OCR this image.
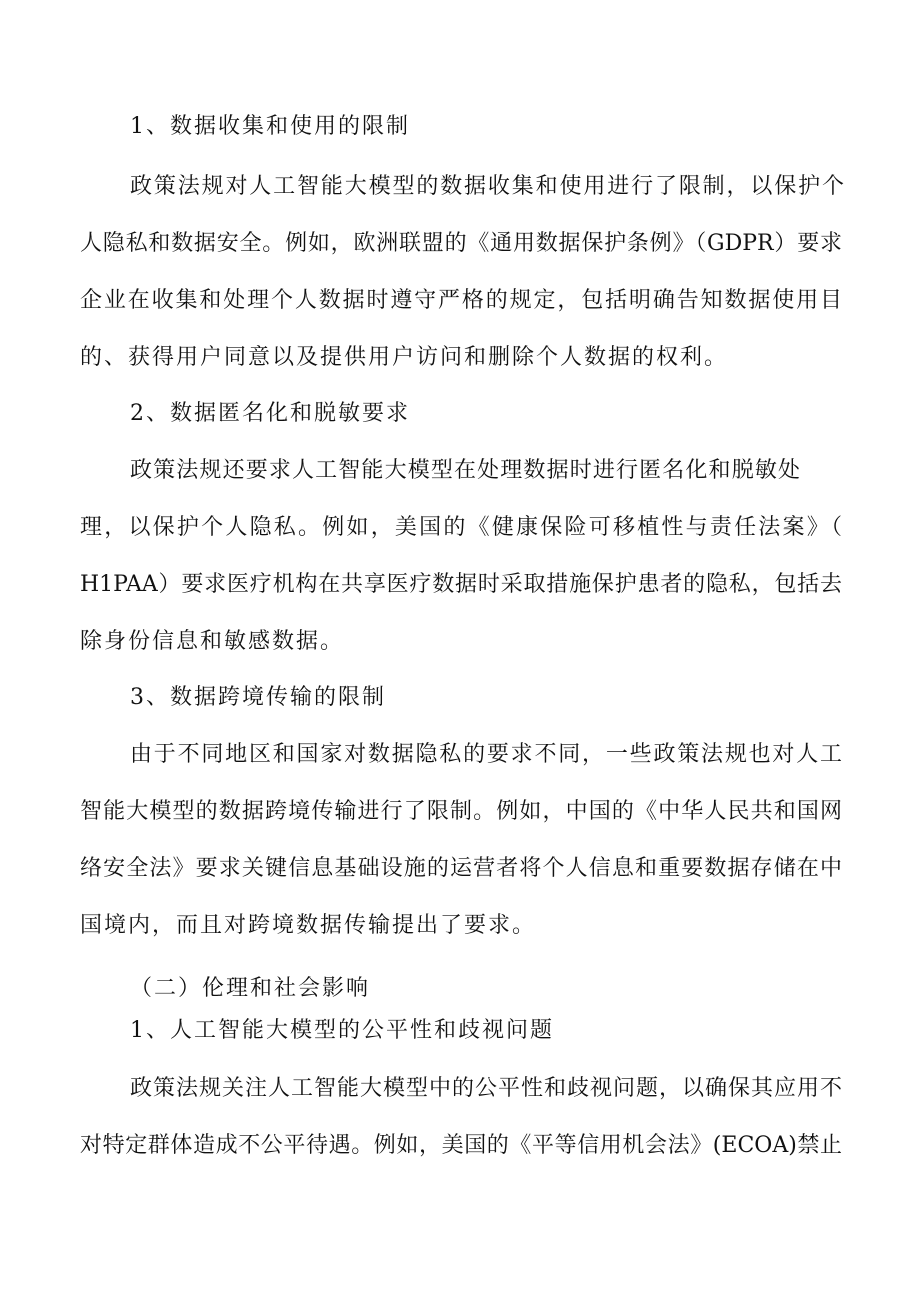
1、数据收集和使用的限制
政策法规对人工智能大模型的数据收集和使用进行了限制，以保护个
人隐私和数据安全。例如，欧洲联盟的《通用数据保护条例》（GDPR）要求
企业在收集和处理个人数据时遵守严格的规定，包括明确告知数据使用目
的、获得用户同意以及提供用户访问和删除个人数据的权利。
2、数据匿名化和脱敏要求
政策法规还要求人工智能大模型在处理数据时进行匿名化和脱敏处
理，以保护个人隐私。例如，美国的《健康保险可移植性与责任法案》（
H1PAA）要求医疗机构在共享医疗数据时采取措施保护患者的隐私，包括去
除身份信息和敏感数据。
3、数据跨境传输的限制
由于不同地区和国家对数据隐私的要求不同，一些政策法规也对人工
智能大模型的数据跨境传输进行了限制。例如，中国的《中华人民共和国网
络安全法》要求关键信息基础设施的运营者将个人信息和重要数据存储在中
国境内，而且对跨境数据传输提出了要求。
（二）伦理和社会影响
1、人工智能大模型的公平性和歧视问题
政策法规关注人工智能大模型中的公平性和歧视问题，以确保其应用不
对特定群体造成不公平待遇。例如，美国的《平等信用机会法》(ECOA)禁止
